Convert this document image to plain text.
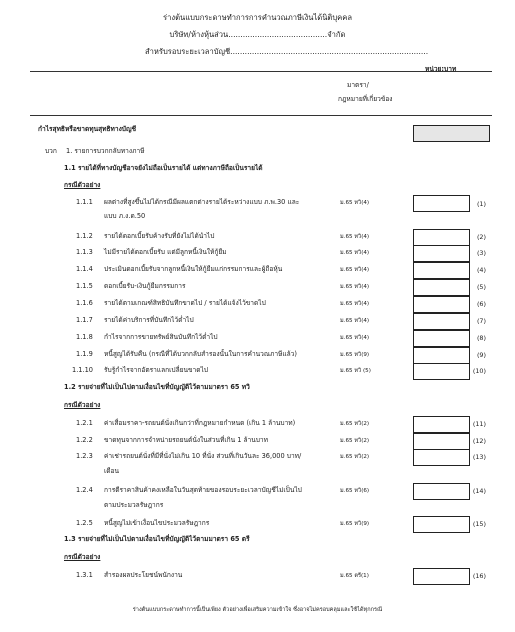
ร่างต้นแบบกระดาษทำการการคำนวณภาษีเงินได้นิติบุคคล
บริษัท/ห้างหุ้นส่วน.........................................จำกัด
สำหรับรอบระยะเวลาบัญชี..................................................................................
หน่วย:บาท
มาตรา/
กฎหมายที่เกี่ยวข้อง
กำไรสุทธิหรือขาดทุนสุทธิทางบัญชี
บวก 1. รายการบวกกลับทางภาษี
1.1 รายได้ที่ทางบัญชีอาจยังไม่ถือเป็นรายได้ แต่ทางภาษีถือเป็นรายได้
กรณีตัวอย่าง
1.1.1 ผลต่างที่สูงขึ้นไม่ได้กรณีมีผลแตกต่างรายได้ระหว่างแบบ ภ.พ.30 และ
แบบ ภ.ง.ด.50
ม.65 ทวิ(4)	(1)
1.1.2 รายได้ดอกเบี้ยรับค้างรับที่ยังไม่ได้นำไป	ม.65 ทวิ(4)	(2)
1.1.3 ไม่มีรายได้ดอกเบี้ยรับ แต่มีลูกหนี้เงินให้กู้ยืม	ม.65 ทวิ(4)	(3)
1.1.4 ประเมินดอกเบี้ยรับจากลูกหนี้เงินให้กู้ยืมแก่กรรมการและผู้ถือหุ้น	ม.65 ทวิ(4)	(4)
1.1.5 ดอกเบี้ยรับ-เงินกู้ยืมกรรมการ	ม.65 ทวิ(4)	(5)
1.1.6 รายได้ตามเกณฑ์สิทธิบันทึกขาดไป / รายได้แจ้งไว้ขาดไป	ม.65 ทวิ(4)	(6)
1.1.7 รายได้ค่าบริการที่บันทึกไว้ต่ำไป	ม.65 ทวิ(4)	(7)
1.1.8 กำไรจากการขายทรัพย์สินบันทึกไว้ต่ำไป	ม.65 ทวิ(4)	(8)
1.1.9 หนี้สูญได้รับคืน (กรณีที่ได้บวกกลับสำรองนั้นในการคำนวณภาษีแล้ว)	ม.65 ทวิ(9)	(9)
1.1.10 รับรู้กำไรจากอัตราแลกเปลี่ยนขาดไป	ม.65 ทวิ (5)	(10)
1.2 รายจ่ายที่ไม่เป็นไปตามเงื่อนไขที่บัญญัติไว้ตามมาตรา 65 ทวิ
กรณีตัวอย่าง
1.2.1 ค่าเสื่อมราคา-รถยนต์นั่งเกินกว่าที่กฎหมายกำหนด (เกิน 1 ล้านบาท)	ม.65 ทวิ(2)	(11)
1.2.2 ขาดทุนจากการจำหน่ายรถยนต์นั่งในส่วนที่เกิน 1 ล้านบาท	ม.65 ทวิ(2)	(12)
1.2.3 ค่าเช่ารถยนต์นั่งที่มีที่นั่งไม่เกิน 10 ที่นั่ง ส่วนที่เกินวันละ 36,000 บาท/
เดือน
ม.65 ทวิ(2)	(13)
1.2.4 การตีราคาสินค้าคงเหลือในวันสุดท้ายของรอบระยะเวลาบัญชีไม่เป็นไป
ตามประมวลรัษฎากร
ม.65 ทวิ(6)	(14)
1.2.5 หนี้สูญไม่เข้าเงื่อนไขประมวลรัษฎากร	ม.65 ทวิ(9)	(15)
1.3 รายจ่ายที่ไม่เป็นไปตามเงื่อนไขที่บัญญัติไว้ตามมาตรา 65 ตรี
กรณีตัวอย่าง
1.3.1 สำรองผลประโยชน์พนักงาน	ม.65 ตรี(1)	(16)
ร่างต้นแบบกระดาษทำการนี้เป็นเพียง ตัวอย่างเพื่อเสริมความเข้าใจ ซึ่งอาจไม่ครอบคลุมและใช้ได้ทุกกรณี
